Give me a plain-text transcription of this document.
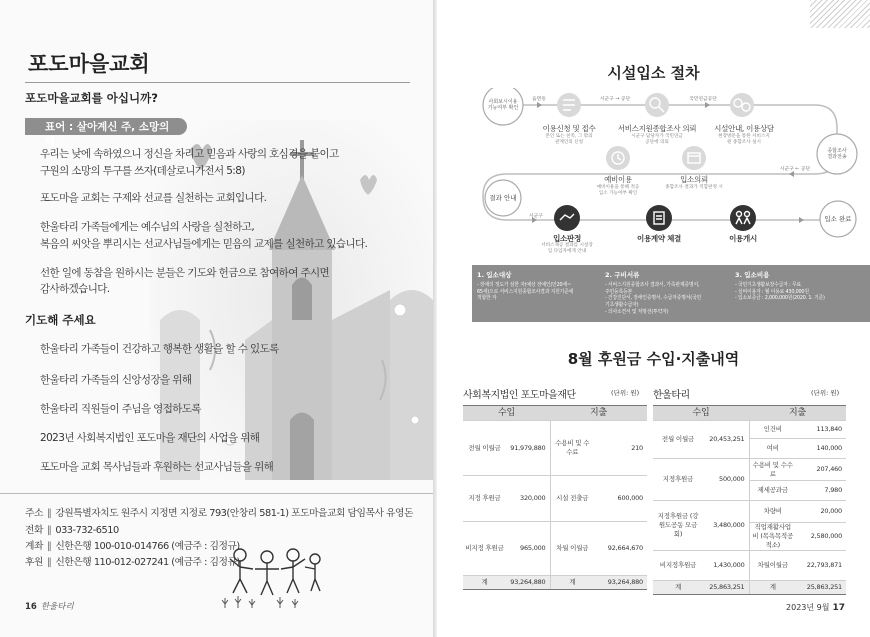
포도마을교회
포도마을교회를 아십니까?
표어 : 살아계신 주, 소망의 해.
우리는 낮에 속하였으니 정신을 차리고 믿음과 사랑의 호심경을 붙이고
구원의 소망의 투구를 쓰자(데살로니가전서 5:8)
포도마을 교회는 구제와 선교를 실천하는 교회입니다.
한울타리 가족들에게는 예수님의 사랑을 실천하고,
복음의 씨앗을 뿌리시는 선교사님들에게는 믿음의 교제를 실천하고 있습니다.
선한 일에 동참을 원하시는 분들은 기도와 헌금으로 참여하여 주시면
감사하겠습니다.
기도해 주세요
한울타리 가족들이 건강하고 행복한 생활을 할 수 있도록
한울타리 가족들의 신앙성장을 위해
한울타리 직원들이 주님을 영접하도록
2023년 사회복지법인 포도마을 재단의 사업을 위해
포도마을 교회 목사님들과 후원하는 선교사님들을 위해
주소 ∥ 강원특별자치도 원주시 지정면 지정로 793(안창리 581-1) 포도마을교회 담임목사 유영돈
전화 ∥ 033-732-6510
계좌 ∥ 신한은행 100-010-014766 (예금주 : 김정규)
후원 ∥ 신한은행 110-012-027241 (예금주 : 김정규)
16 한울타리
시설입소 절차
사회보시이용
기능여부 확인
읍면동	시군구 → 공단	국민연금공단
이용신청 및 접수
본인 또는 친족, 그 밖의
관계인의 신청
서비스지원종합조사 의뢰
시군구 담당자가 국민연금
공단에 의뢰
시설안내, 이용상담
현장방문을 통한 서비스지
원 종합조사 실시
종합조사
결과전송
시군구 ← 공단
예비이용
예비이용을 통해 적응
입소 가능여부 확인
입소의뢰
종합조사 결과가 적합판정 시
결과 안내
시군구
입소판정
서비스제공 결과를 시설장
입 다입자에게 안내
이용계약 체결	이용개시
입소 완료
1. 입소대상
- 장애의 정도가 심한 자(예상 장애인(만20세~
65세)으로 서비스지원종합조사결과 지원기준에
적합한 자
2. 구비서류
- 서비스지원종합조사 결과서, 가족관계증명서,
주민등록등본
- 건강진단서, 장애인증명서, 수급자증명서(국민
기초생활수급자)
- 의사소견서 및 처방전(투약자)
3. 입소비용
- 국민기초생활보장수급자 : 무료
- 실비이용자 : 월 이용료 430,000원
- 입소보증금 : 2,000,000원(2020. 1. 기준)
8월 후원금 수입·지출내역
사회복지법인 포도마을재단	(단위: 원) 한울타리	(단위: 원)
수입		지출	
전월 이월금	91,979,880	수용비 및 수수료	210
지정 후원금	320,000	시설 전출금	600,000
비지정 후원금	965,000	차월 이월금	92,664,670
계	93,264,880	계	93,264,880
수입		지출	
전월 이월금	20,453,251	인건비	113,840
		여비	140,000
지정후원금	500,000	수용비 및 수수료	207,460
		제세공과금	7,980
지정후원금 (강원도공동 모금회)	3,480,000	차량비	20,000
		직업재활사업비 (목욕목적공적소)	2,580,000
비지정후원금	1,430,000	차월이월금	22,793,871
계	25,863,251	계	25,863,251
2023년 9월 17
